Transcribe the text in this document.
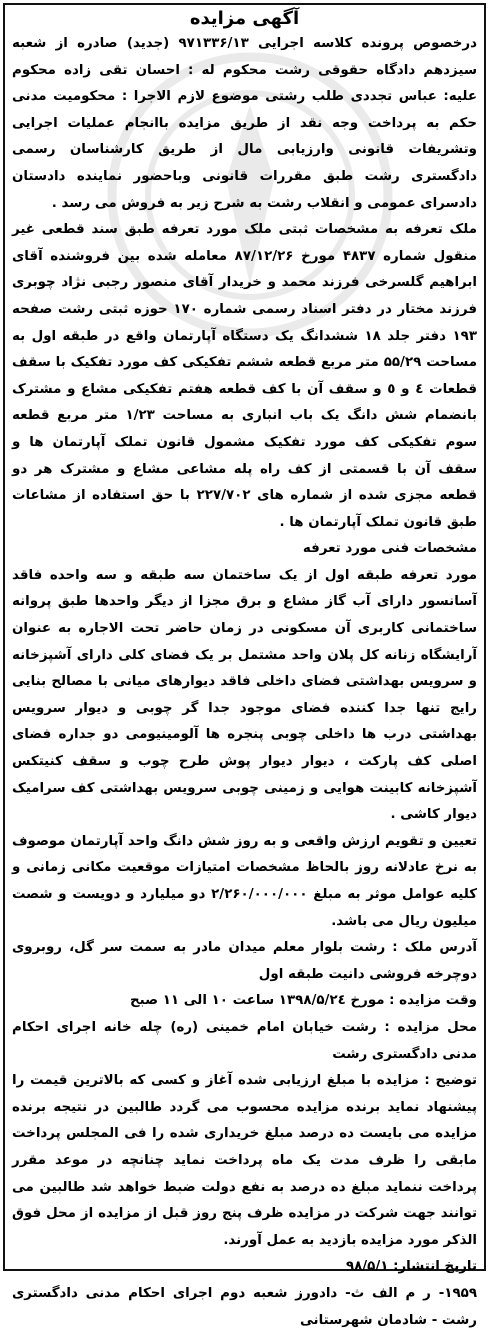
آگهی مزایده

درخصوص پرونده کلاسه اجرایی ۹۷۱۳۳۶/۱۳ (جدید) صادره از شعبه سیزدهم دادگاه حقوقی رشت محکوم له : احسان تقی زاده محکوم علیه: عباس تجددی طلب رشتی موضوع لازم الاجرا : محکومیت مدنی حکم به پرداخت وجه نقد از طریق مزایده باانجام عملیات اجرایی وتشریفات قانونی وارزیابی مال از طریق کارشناسان رسمی دادگستری رشت طبق مقررات قانونی وباحضور نماینده دادستان دادسرای عمومی و انقلاب رشت به شرح زیر به فروش می رسد .

ملک تعرفه به مشخصات ثبتی ملک مورد تعرفه طبق سند قطعی غیر منقول شماره ۴۸۳۷ مورخ ۸۷/۱۲/۲۶ معامله شده بین فروشنده آقای ابراهیم گلسرخی فرزند محمد و خریدار آقای منصور رجبی نژاد چوبری فرزند مختار در دفتر اسناد رسمی شماره ۱۷۰ حوزه ثبتی رشت صفحه ۱۹۳ دفتر جلد ۱۸ ششدانگ یک دستگاه آپارتمان واقع در طبقه اول به مساحت ۵۵/۲۹ متر مربع قطعه ششم تفکیکی کف مورد تفکیک با سقف قطعات ٤ و ٥ و سقف آن با کف قطعه هفتم تفکیکی مشاع و مشترک بانضمام شش دانگ یک باب انباری به مساحت ۱/۲۳ متر مربع قطعه سوم تفکیکی کف مورد تفکیک مشمول قانون تملک آپارتمان ها و سقف آن با قسمتی از کف راه پله مشاعی مشاع و مشترک هر دو قطعه مجزی شده از شماره های ۲۲۷/۷۰۲ با حق استفاده از مشاعات طبق قانون تملک آپارتمان ها .

مشخصات فنی مورد تعرفه

مورد تعرفه طبقه اول از یک ساختمان سه طبقه و سه واحده فاقد آسانسور دارای آب گاز مشاع و برق مجزا از دیگر واحدها طبق پروانه ساختمانی کاربری آن مسکونی در زمان حاضر تحت الاجاره به عنوان آرایشگاه زنانه کل پلان واحد مشتمل بر یک فضای کلی دارای آشپزخانه و سرویس بهداشتی فضای داخلی فاقد دیوارهای میانی با مصالح بنایی رایج تنها جدا کننده فضای موجود جدا گر چوبی و دیوار سرویس بهداشتی درب ها داخلی چوبی پنجره ها آلومینیومی دو جداره فضای اصلی کف پارکت ، دیوار دیوار پوش طرح چوب و سقف کنیتکس آشپزخانه کابینت هوایی و زمینی چوبی سرویس بهداشتی کف سرامیک دیوار کاشی .

تعیین و تقویم ارزش واقعی و به روز شش دانگ واحد آپارتمان موصوف به نرخ عادلانه روز بالحاظ مشخصات امتیازات موقعیت مکانی زمانی و کلیه عوامل موثر به مبلغ ۲/۲۶۰/۰۰۰/۰۰۰ دو میلیارد و دویست و شصت میلیون ریال می باشد.

آدرس ملک : رشت بلوار معلم میدان مادر به سمت سر گل، روبروی دوچرخه فروشی دانیت طبقه اول

وقت مزایده : مورخ ۱۳۹۸/۵/۲٤ ساعت ۱۰ الی ۱۱ صبح

محل مزایده : رشت خیابان امام خمینی (ره) چله خانه اجرای احکام مدنی دادگستری رشت

توضیح : مزایده با مبلغ ارزیابی شده آغاز و کسی که بالاترین قیمت را پیشنهاد نماید برنده مزایده محسوب می گردد طالبین در نتیجه برنده مزایده می بایست ده درصد مبلغ خریداری شده را فی المجلس پرداخت مابقی را ظرف مدت یک ماه پرداخت نماید چنانچه در موعد مقرر پرداخت ننماید مبلغ ده درصد به نفع دولت ضبط خواهد شد طالبین می توانند جهت شرکت در مزایده ظرف پنج روز قبل از مزایده از محل فوق الذکر مورد مزایده بازدید به عمل آورند.

تاریخ انتشار: ۹۸/۵/۱

۱۹۵۹- ر م الف ث- دادورز شعبه دوم اجرای احکام مدنی دادگستری رشت - شادمان شهرستانی
